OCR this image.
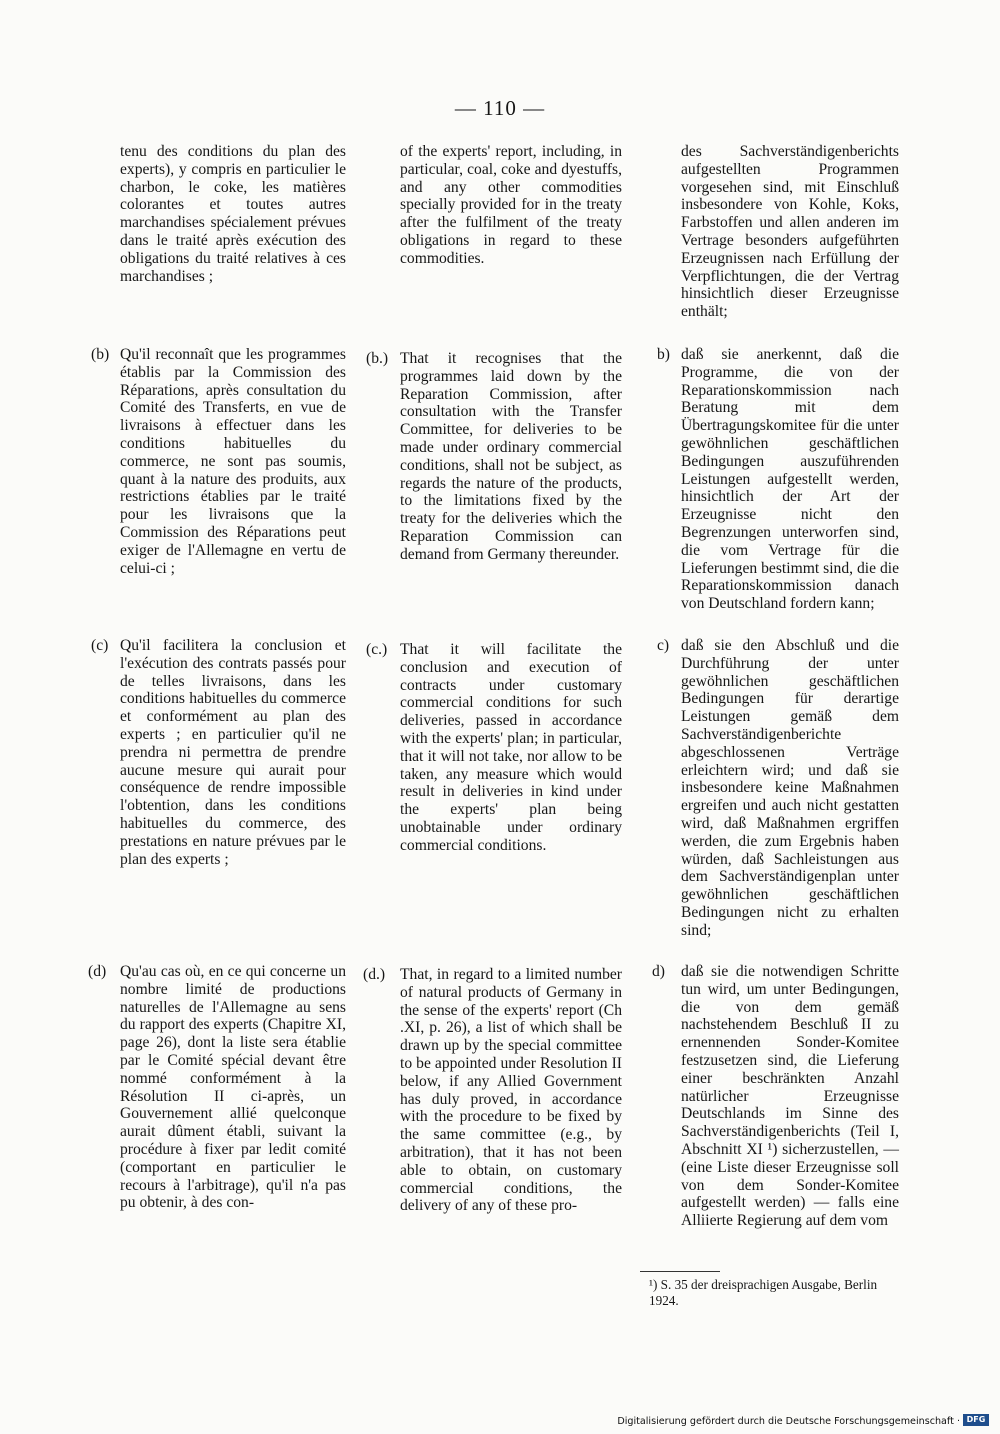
— 110 —
tenu des conditions du plan des experts), y compris en particulier le charbon, le coke, les matières colorantes et toutes autres marchandises spécialement prévues dans le traité après exécution des obligations du traité relatives à ces marchandises ;
of the experts' report, including, in particular, coal, coke and dyestuffs, and any other commodities specially provided for in the treaty after the fulfilment of the treaty obligations in regard to these commodities.
des Sachverständigenberichts aufgestellten Programmen vorgesehen sind, mit Einschluß insbesondere von Kohle, Koks, Farbstoffen und allen anderen im Vertrage besonders aufgeführten Erzeugnissen nach Erfüllung der Verpflichtungen, die der Vertrag hinsichtlich dieser Erzeugnisse enthält;
(b) Qu'il reconnaît que les programmes établis par la Commission des Réparations, après consultation du Comité des Transferts, en vue de livraisons à effectuer dans les conditions habituelles du commerce, ne sont pas soumis, quant à la nature des produits, aux restrictions établies par le traité pour les livraisons que la Commission des Réparations peut exiger de l'Allemagne en vertu de celui-ci ;
(b.) That it recognises that the programmes laid down by the Reparation Commission, after consultation with the Transfer Committee, for deliveries to be made under ordinary commercial conditions, shall not be subject, as regards the nature of the products, to the limitations fixed by the treaty for the deliveries which the Reparation Commission can demand from Germany thereunder.
b) daß sie anerkennt, daß die Programme, die von der Reparationskommission nach Beratung mit dem Übertragungskomitee für die unter gewöhnlichen geschäftlichen Bedingungen auszuführenden Leistungen aufgestellt werden, hinsichtlich der Art der Erzeugnisse nicht den Begrenzungen unterworfen sind, die vom Vertrage für die Lieferungen bestimmt sind, die die Reparationskommission danach von Deutschland fordern kann;
(c) Qu'il facilitera la conclusion et l'exécution des contrats passés pour de telles livraisons, dans les conditions habituelles du commerce et conformément au plan des experts ; en particulier qu'il ne prendra ni permettra de prendre aucune mesure qui aurait pour conséquence de rendre impossible l'obtention, dans les conditions habituelles du commerce, des prestations en nature prévues par le plan des experts ;
(c.) That it will facilitate the conclusion and execution of contracts under customary commercial conditions for such deliveries, passed in accordance with the experts' plan; in particular, that it will not take, nor allow to be taken, any measure which would result in deliveries in kind under the experts' plan being unobtainable under ordinary commercial conditions.
c) daß sie den Abschluß und die Durchführung der unter gewöhnlichen geschäftlichen Bedingungen für derartige Leistungen gemäß dem Sachverständigenberichte abgeschlossenen Verträge erleichtern wird; und daß sie insbesondere keine Maßnahmen ergreifen und auch nicht gestatten wird, daß Maßnahmen ergriffen werden, die zum Ergebnis haben würden, daß Sachleistungen aus dem Sachverständigenplan unter gewöhnlichen geschäftlichen Bedingungen nicht zu erhalten sind;
(d) Qu'au cas où, en ce qui concerne un nombre limité de productions naturelles de l'Allemagne au sens du rapport des experts (Chapitre XI, page 26), dont la liste sera établie par le Comité spécial devant être nommé conformément à la Résolution II ci-après, un Gouvernement allié quelconque aurait dûment établi, suivant la procédure à fixer par ledit comité (comportant en particulier le recours à l'arbitrage), qu'il n'a pas pu obtenir, à des con-
(d.) That, in regard to a limited number of natural products of Germany in the sense of the experts' report (Ch .XI, p. 26), a list of which shall be drawn up by the special committee to be appointed under Resolution II below, if any Allied Government has duly proved, in accordance with the procedure to be fixed by the same committee (e.g., by arbitration), that it has not been able to obtain, on customary commercial conditions, the delivery of any of these pro-
d) daß sie die notwendigen Schritte tun wird, um unter Bedingungen, die von dem gemäß nachstehendem Beschluß II zu ernennenden Sonder-Komitee festzusetzen sind, die Lieferung einer beschränkten Anzahl natürlicher Erzeugnisse Deutschlands im Sinne des Sachverständigenberichts (Teil I, Abschnitt XI ¹) sicherzustellen, — (eine Liste dieser Erzeugnisse soll von dem Sonder-Komitee aufgestellt werden) — falls eine Alliierte Regierung auf dem vom
¹) S. 35 der dreisprachigen Ausgabe, Berlin 1924.
Digitalisierung gefördert durch die Deutsche Forschungsgemeinschaft · DFG
